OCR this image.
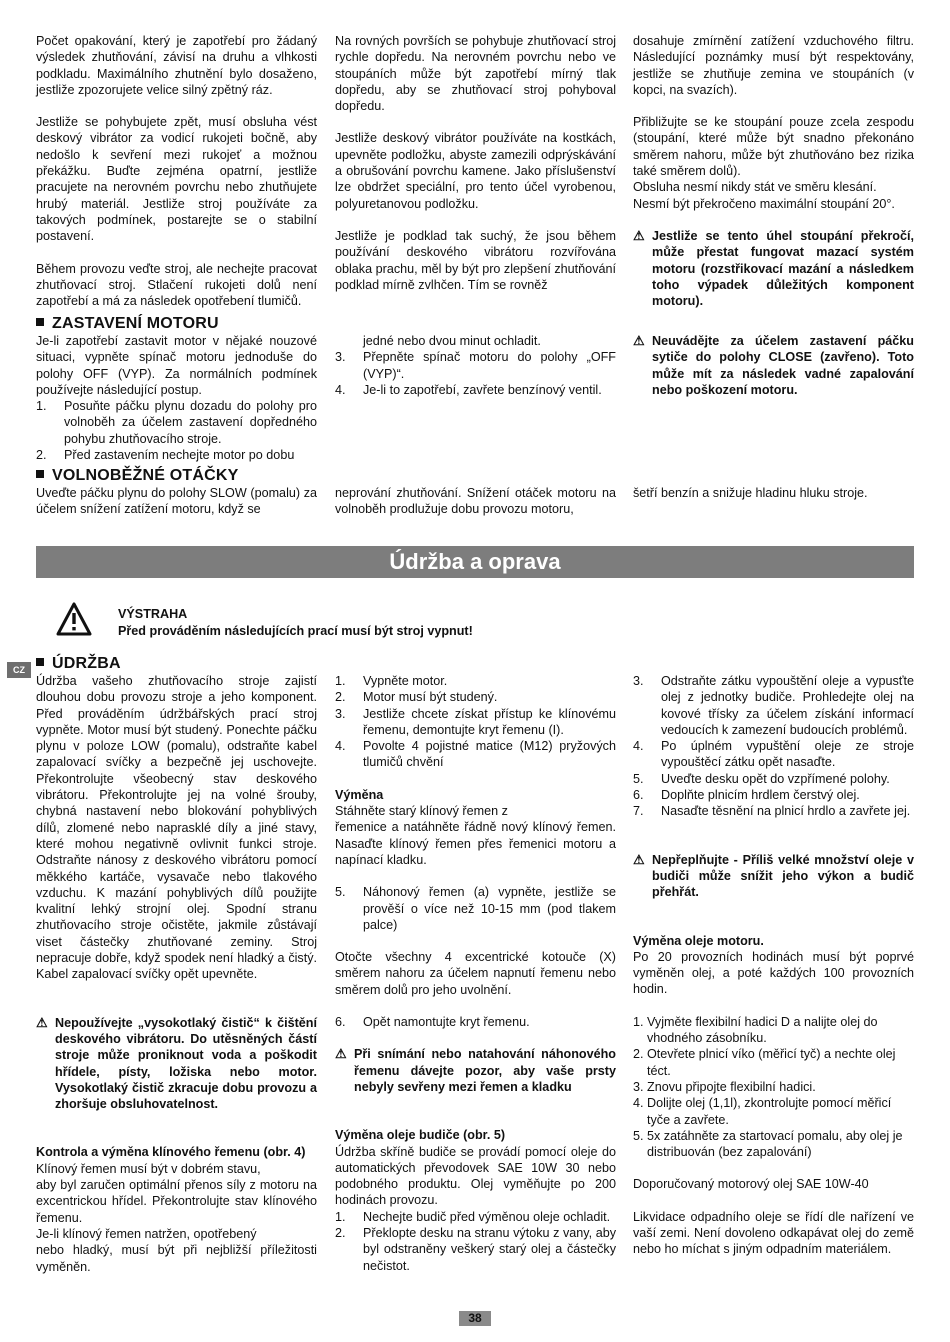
Počet opakování, který je zapotřebí pro žádaný výsledek zhutňování, závisí na druhu a vlhkosti podkladu. Maximálního zhutnění bylo dosaženo, jestliže zpozorujete velice silný zpětný ráz.

Jestliže se pohybujete zpět, musí obsluha vést deskový vibrátor za vodicí rukojeti bočně, aby nedošlo k sevření mezi rukojeť a možnou překážku. Buďte zejména opatrní, jestliže pracujete na nerovném povrchu nebo zhutňujete hrubý materiál. Jestliže stroj používáte za takových podmínek, postarejte se o stabilní postavení.

Během provozu veďte stroj, ale nechejte pracovat zhutňovací stroj. Stlačení rukojeti dolů není zapotřebí a má za následek opotřebení tlumičů.

Na rovných površích se pohybuje zhutňovací stroj rychle dopředu. Na nerovném povrchu nebo ve stoupáních může být zapotřebí mírný tlak dopředu, aby se zhutňovací stroj pohyboval dopředu.

Jestliže deskový vibrátor používáte na kostkách, upevněte podložku, abyste zamezili odprýskávání a obrušování povrchu kamene. Jako příslušenství lze obdržet speciální, pro tento účel vyrobenou, polyuretanovou podložku.

Jestliže je podklad tak suchý, že jsou během používání deskového vibrátoru rozvířována oblaka prachu, měl by být pro zlepšení zhutňování podklad mírně zvlhčen. Tím se rovněž

dosahuje zmírnění zatížení vzduchového filtru. Následující poznámky musí být respektovány, jestliže se zhutňuje zemina ve stoupáních (v kopci, na svazích).

Přibližujte se ke stoupání pouze zcela zespodu (stoupání, které může být snadno překonáno směrem nahoru, může být zhutňováno bez rizika také směrem dolů).

Obsluha nesmí nikdy stát ve směru klesání.

Nesmí být překročeno maximální stoupání 20°.

⚠ Jestliže se tento úhel stoupání překročí, může přestat fungovat mazací systém motoru (rozstřikovací mazání a následkem toho výpadek důležitých komponent motoru).
ZASTAVENÍ MOTORU

Je-li zapotřebí zastavit motor v nějaké nouzové situaci, vypněte spínač motoru jednoduše do polohy OFF (VYP). Za normálních podmínek používejte následující postup.

1.	Posuňte páčku plynu dozadu do polohy pro volnoběh za účelem zastavení dopředného pohybu zhutňovacího stroje.
2.	Před zastavením nechejte motor po dobu
jedné nebo dvou minut ochladit.
3.	Přepněte spínač motoru do polohy „OFF (VYP)“.
4.	Je-li to zapotřebí, zavřete benzínový ventil.
⚠ Neuvádějte za účelem zastavení páčku sytiče do polohy CLOSE (zavřeno). Toto může mít za následek vadné zapalování nebo poškození motoru.
VOLNOBĚŽNÉ OTÁČKY

Uveďte páčku plynu do polohy SLOW (pomalu) za účelem snížení zatížení motoru, když se

neprování zhutňování. Snížení otáček motoru na volnoběh prodlužuje dobu provozu motoru,

šetří benzín a snižuje hladinu hluku stroje.

Údržba a oprava
VÝSTRAHA
Před prováděním následujících prací musí být stroj vypnut!
CZ	ÚDRŽBA

Údržba vašeho zhutňovacího stroje zajistí dlouhou dobu provozu stroje a jeho komponent. Před prováděním údržbářských prací stroj vypněte. Motor musí být studený. Ponechte páčku plynu v poloze LOW (pomalu), odstraňte kabel zapalovací svíčky a bezpečně jej uschovejte. Překontrolujte všeobecný stav deskového vibrátoru. Překontrolujte jej na volné šrouby, chybná nastavení nebo blokování pohyblivých dílů, zlomené nebo naprasklé díly a jiné stavy, které mohou negativně ovlivnit funkci stroje. Odstraňte nánosy z deskového vibrátoru pomocí měkkého kartáče, vysavače nebo tlakového vzduchu. K mazání pohyblivých dílů použijte kvalitní lehký strojní olej. Spodní stranu zhutňovacího stroje očistěte, jakmile zůstávají viset částečky zhutňované zeminy. Stroj nepracuje dobře, když spodek není hladký a čistý. Kabel zapalovací svíčky opět upevněte.

⚠ Nepoužívejte „vysokotlaký čistič“ k čištění deskového vibrátoru. Do utěsněných částí stroje může proniknout voda a poškodit hřídele, písty, ložiska nebo motor. Vysokotlaký čistič zkracuje dobu provozu a zhoršuje obsluhovatelnost.

Kontrola a výměna klínového řemenu (obr. 4)

Klínový řemen musí být v dobrém stavu,

aby byl zaručen optimální přenos síly z motoru na excentrickou hřídel. Překontrolujte stav klínového řemenu.

Je-li klínový řemen natržen, opotřebený

nebo hladký, musí být při nejbližší příležitosti vyměněn.

1.	Vypněte motor.
2.	Motor musí být studený.
3.	Jestliže chcete získat přístup ke klínovému řemenu, demontujte kryt řemenu (I).
4.	Povolte 4 pojistné matice (M12) pryžových tlumičů chvění

Výměna

Stáhněte starý klínový řemen z

řemenice a natáhněte řádně nový klínový řemen. Nasaďte klínový řemen přes řemenici motoru a napínací kladku.

5.	Náhonový řemen (a) vypněte, jestliže se prověší o více než 10-15 mm (pod tlakem palce)

Otočte všechny 4 excentrické kotouče (X) směrem nahoru za účelem napnutí řemenu nebo směrem dolů pro jeho uvolnění.

6.	Opět namontujte kryt řemenu.
⚠ Při snímání nebo natahování náhonového řemenu dávejte pozor, aby vaše prsty nebyly sevřeny mezi řemen a kladku

Výměna oleje budiče (obr. 5)

Údržba skříně budiče se provádí pomocí oleje do automatických převodovek SAE 10W 30 nebo podobného produktu. Olej vyměňujte po 200 hodinách provozu.

1.	Nechejte budič před výměnou oleje ochladit.
2.	Překlopte desku na stranu výtoku z vany, aby byl odstraněny veškerý starý olej a částečky nečistot.
3.	Odstraňte zátku vypouštění oleje a vypusťte olej z jednotky budiče. Prohledejte olej na kovové třísky za účelem získání informací vedoucích k zamezení budoucích problémů.
4.	Po úplném vypuštění oleje ze stroje vypouštěcí zátku opět nasaďte.
5.	Uveďte desku opět do vzpřímené polohy.
6.	Doplňte plnicím hrdlem čerstvý olej.
7.	Nasaďte těsnění na plnicí hrdlo a zavřete jej.
⚠ Nepřeplňujte - Příliš velké množství oleje v budiči může snížit jeho výkon a budič přehřát.

Výměna oleje motoru.

Po 20 provozních hodinách musí být poprvé vyměněn olej, a poté každých 100 provozních hodin.

1. Vyjměte flexibilní hadici D a nalijte olej do vhodného zásobníku.
2. Otevřete plnicí víko (měřicí tyč) a nechte olej téct.
3. Znovu připojte flexibilní hadici.
4. Dolijte olej (1,1l), zkontrolujte pomocí měřicí tyče a zavřete.
5. 5x zatáhněte za startovací pomalu, aby olej je distribuován (bez zapalování)

Doporučovaný motorový olej SAE 10W-40

Likvidace odpadního oleje se řídí dle nařízení ve vaší zemi. Není dovoleno odkapávat olej do země nebo ho míchat s jiným odpadním materiálem.

38
